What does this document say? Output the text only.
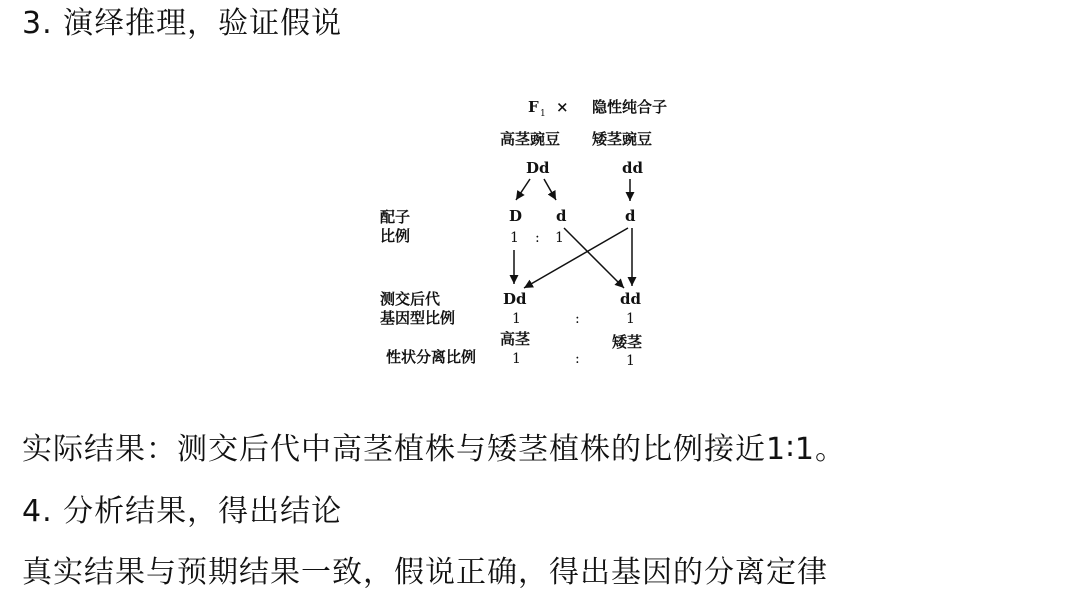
3. 演绎推理，验证假说
F 1 × 隐性纯合子
高茎豌豆 矮茎豌豆
Dd	dd
配子
比例
D d	d
1 : 1
测交后代
基因型比例
Dd	dd
1	:	1
高茎	矮茎
性状分离比例	1	:	1
实际结果：测交后代中高茎植株与矮茎植株的比例接近1∶1。
4. 分析结果，得出结论
真实结果与预期结果一致，假说正确，得出基因的分离定律
